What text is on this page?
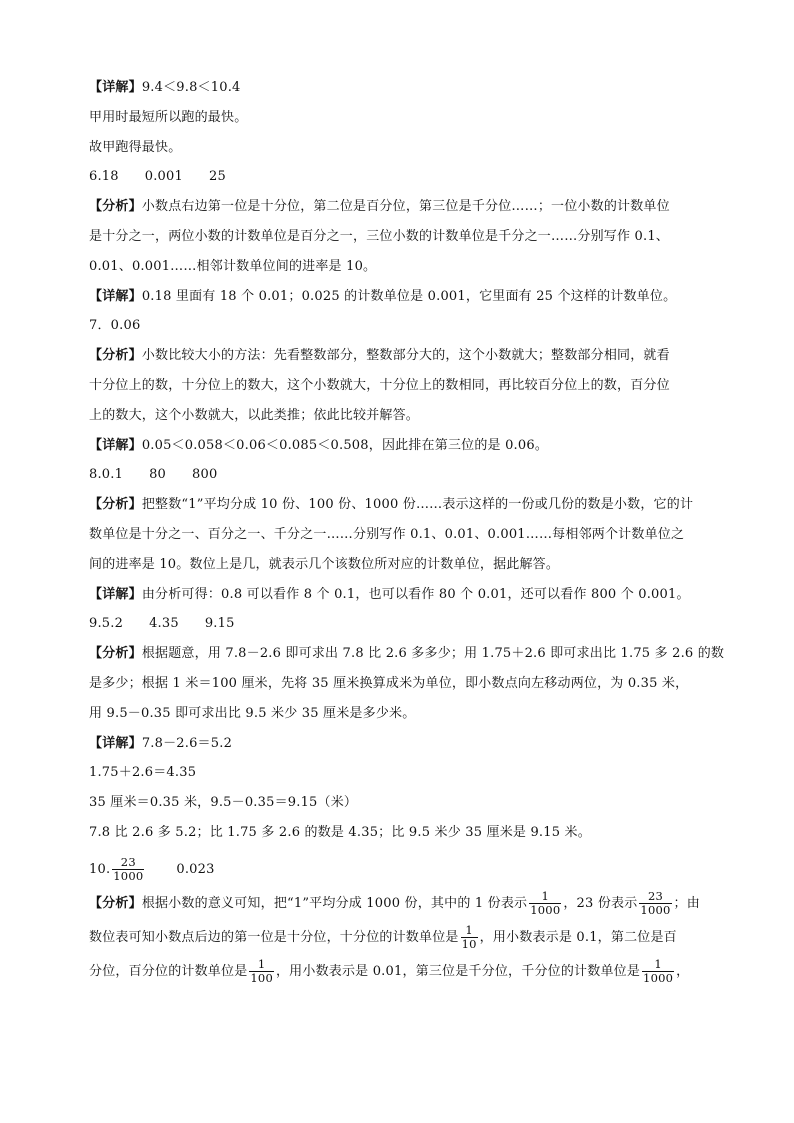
【详解】9.4＜9.8＜10.4
甲用时最短所以跑的最快。
故甲跑得最快。
6.18 0.001 25
【分析】小数点右边第一位是十分位，第二位是百分位，第三位是千分位……；一位小数的计数单位
是十分之一，两位小数的计数单位是百分之一，三位小数的计数单位是千分之一……分别写作 0.1、
0.01、0.001……相邻计数单位间的进率是 10。
【详解】0.18 里面有 18 个 0.01；0.025 的计数单位是 0.001，它里面有 25 个这样的计数单位。
7．0.06
【分析】小数比较大小的方法：先看整数部分，整数部分大的，这个小数就大；整数部分相同，就看
十分位上的数，十分位上的数大，这个小数就大，十分位上的数相同，再比较百分位上的数，百分位
上的数大，这个小数就大，以此类推；依此比较并解答。
【详解】0.05＜0.058＜0.06＜0.085＜0.508，因此排在第三位的是 0.06。
8.0.1 80 800
【分析】把整数“1”平均分成 10 份、100 份、1000 份……表示这样的一份或几份的数是小数，它的计
数单位是十分之一、百分之一、千分之一……分别写作 0.1、0.01、0.001……每相邻两个计数单位之
间的进率是 10。数位上是几，就表示几个该数位所对应的计数单位，据此解答。
【详解】由分析可得：0.8 可以看作 8 个 0.1，也可以看作 80 个 0.01，还可以看作 800 个 0.001。
9.5.2 4.35 9.15
【分析】根据题意，用 7.8－2.6 即可求出 7.8 比 2.6 多多少；用 1.75＋2.6 即可求出比 1.75 多 2.6 的数
是多少；根据 1 米＝100 厘米，先将 35 厘米换算成米为单位，即小数点向左移动两位，为 0.35 米，
用 9.5－0.35 即可求出比 9.5 米少 35 厘米是多少米。
【详解】7.8－2.6＝5.2
1.75＋2.6＝4.35
35 厘米＝0.35 米，9.5－0.35＝9.15（米）
7.8 比 2.6 多 5.2；比 1.75 多 2.6 的数是 4.35；比 9.5 米少 35 厘米是 9.15 米。
10. $\frac{23}{1000} 0.023$
【分析】根据小数的意义可知，把“1”平均分成 1000 份，其中的 1 份表示 $\frac{1}{1000}$ ，23 份表示 $\frac{23}{1000}$ ；由
数位表可知小数点后边的第一位是十分位，十分位的计数单位是 $\frac{1}{10}$ ，用小数表示是 0.1，第二位是百
分位，百分位的计数单位是 $\frac{1}{100}$ ，用小数表示是 0.01，第三位是千分位，千分位的计数单位是 $\frac{1}{1000}$ ，
